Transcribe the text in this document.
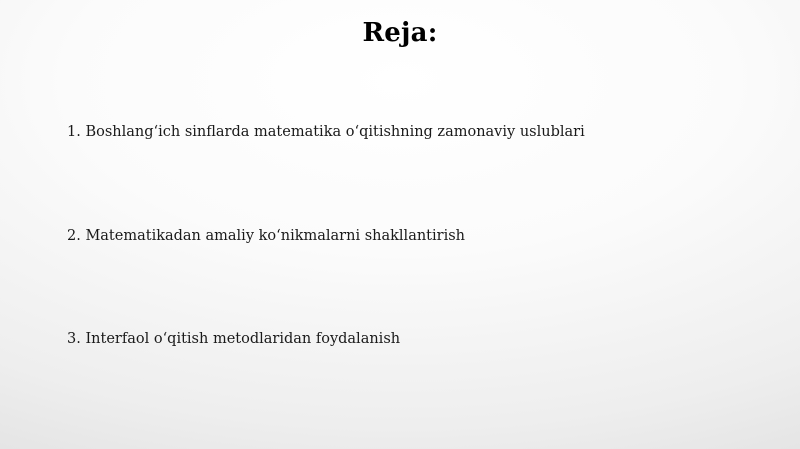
Reja:
1. Boshlang‘ich sinflarda matematika o‘qitishning zamonaviy uslublari
2. Matematikadan amaliy ko‘nikmalarni shakllantirish
3. Interfaol o‘qitish metodlaridan foydalanish
